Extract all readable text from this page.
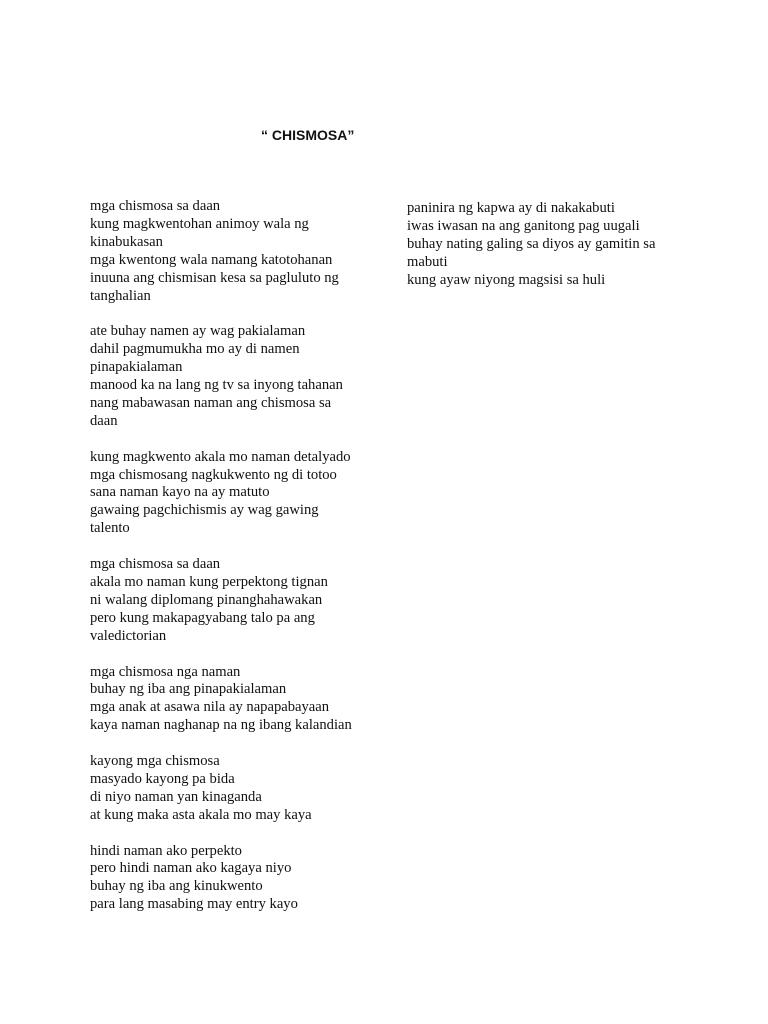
“ CHISMOSA”
mga chismosa sa daan
kung magkwentohan animoy wala ng
kinabukasan
mga kwentong wala namang katotohanan
inuuna ang chismisan kesa sa pagluluto ng
tanghalian
ate buhay namen ay wag pakialaman
dahil pagmumukha mo ay di namen
pinapakialaman
manood ka na lang ng tv sa inyong tahanan
nang mabawasan naman ang chismosa sa
daan
kung magkwento akala mo naman detalyado
mga chismosang nagkukwento ng di totoo
sana naman kayo na ay matuto
gawaing pagchichismis ay wag gawing
talento
mga chismosa sa daan
akala mo naman kung perpektong tignan
ni walang diplomang pinanghahawakan
pero kung makapagyabang talo pa ang
valedictorian
mga chismosa nga naman
buhay ng iba ang pinapakialaman
mga anak at asawa nila ay napapabayaan
kaya naman naghanap na ng ibang kalandian
kayong mga chismosa
masyado kayong pa bida
di niyo naman yan kinaganda
at kung maka asta akala mo may kaya
hindi naman ako perpekto
pero hindi naman ako kagaya niyo
buhay ng iba ang kinukwento
para lang masabing may entry kayo
paninira ng kapwa ay di nakakabuti
iwas iwasan na ang ganitong pag uugali
buhay nating galing sa diyos ay gamitin sa
mabuti
kung ayaw niyong magsisi sa huli
